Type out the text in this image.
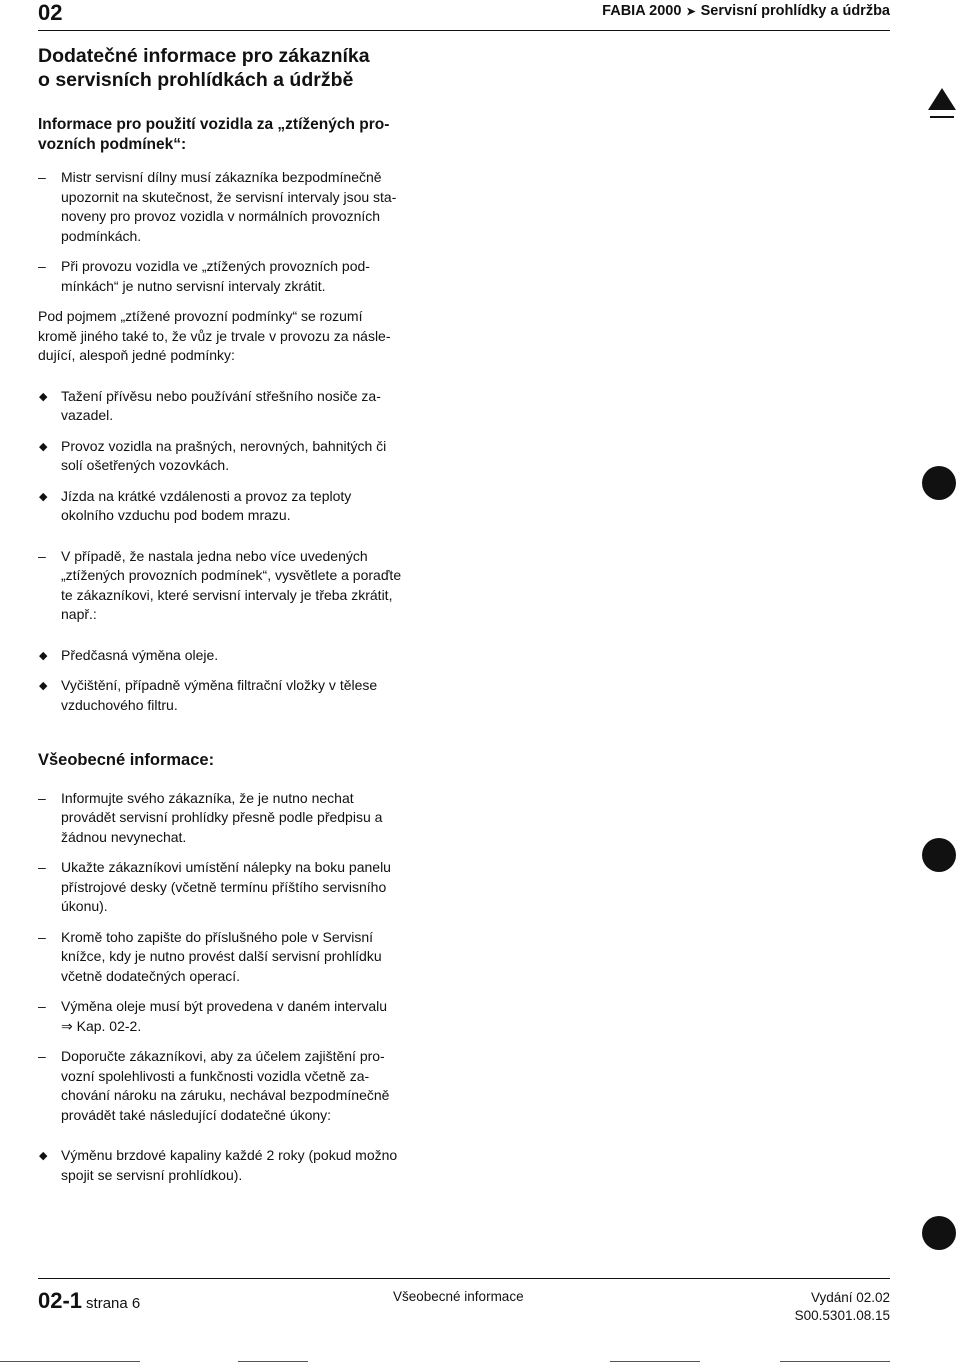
02	FABIA 2000 ➤ Servisní prohlídky a údržba
Dodatečné informace pro zákazníka
o servisních prohlídkách a údržbě
Informace pro použití vozidla za „ztížených pro-
vozních podmínek“:
– Mistr servisní dílny musí zákazníka bezpodmínečně
upozornit na skutečnost, že servisní intervaly jsou sta-
noveny pro provoz vozidla v normálních provozních
podmínkách.
– Při provozu vozidla ve „ztížených provozních pod-
mínkách“ je nutno servisní intervaly zkrátit.

Pod pojmem „ztížené provozní podmínky“ se rozumí
kromě jiného také to, že vůz je trvale v provozu za násle-
dující, alespoň jedné podmínky:

◆ Tažení přívěsu nebo používání střešního nosiče za-
vazadel.
◆ Provoz vozidla na prašných, nerovných, bahnitých či
solí ošetřených vozovkách.
◆ Jízda na krátké vzdálenosti a provoz za teploty
okolního vzduchu pod bodem mrazu.
– V případě, že nastala jedna nebo více uvedených
„ztížených provozních podmínek“, vysvětlete a poraďte
te zákazníkovi, které servisní intervaly je třeba zkrátit,
např.:
◆ Předčasná výměna oleje.
◆ Vyčištění, případně výměna filtrační vložky v tělese
vzduchového filtru.
Všeobecné informace:
– Informujte svého zákazníka, že je nutno nechat
provádět servisní prohlídky přesně podle předpisu a
žádnou nevynechat.
– Ukažte zákazníkovi umístění nálepky na boku panelu
přístrojové desky (včetně termínu příštího servisního
úkonu).
– Kromě toho zapište do příslušného pole v Servisní
knížce, kdy je nutno provést další servisní prohlídku
včetně dodatečných operací.
– Výměna oleje musí být provedena v daném intervalu
⇒ Kap. 02-2.
– Doporučte zákazníkovi, aby za účelem zajištění pro-
vozní spolehlivosti a funkčnosti vozidla včetně za-
chování nároku na záruku, nechával bezpodmínečně
provádět také následující dodatečné úkony:
◆ Výměnu brzdové kapaliny každé 2 roky (pokud možno
spojit se servisní prohlídkou).
02-1 strana 6	Všeobecné informace	Vydání 02.02
S00.5301.08.15
